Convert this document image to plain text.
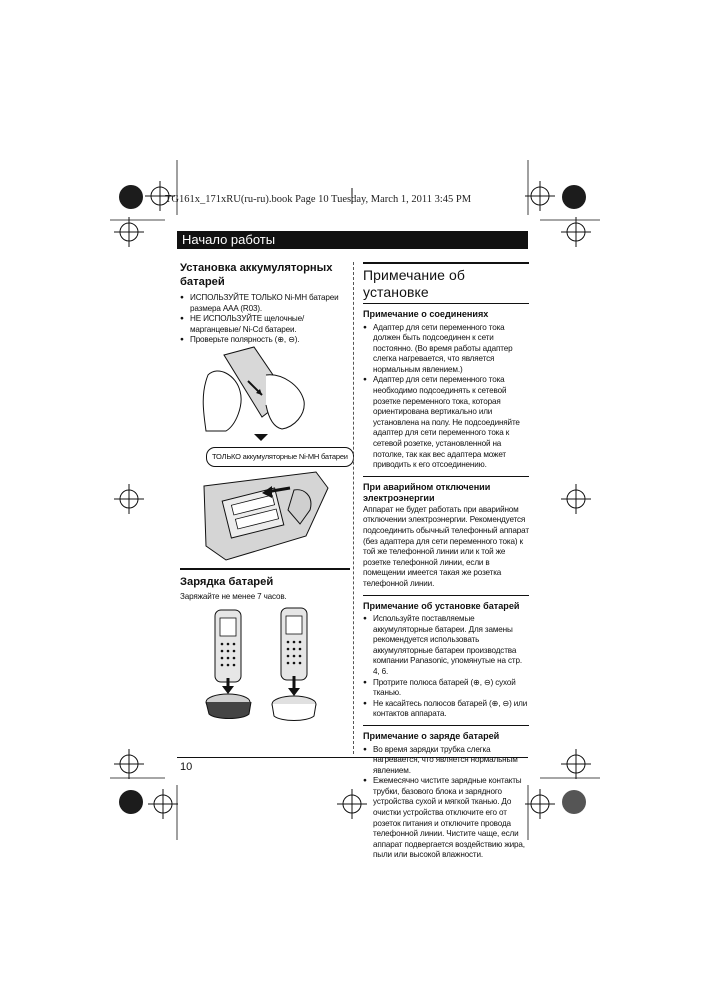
TG161x_171xRU(ru-ru).book Page 10 Tuesday, March 1, 2011 3:45 PM
Начало работы
Установка аккумуляторных батарей
● ИСПОЛЬЗУЙТЕ ТОЛЬКО Ni-MH батареи размера AAA (R03).
● НЕ ИСПОЛЬЗУЙТЕ щелочные/марганцевые/ Ni-Cd батареи.
● Проверьте полярность (⊕, ⊖).
ТОЛЬКО аккумуляторные Ni-MH батареи
Зарядка батарей

Заряжайте не менее 7 часов.

Примечание об установке
Примечание о соединениях
● Адаптер для сети переменного тока должен быть подсоединен к сети постоянно. (Во время работы адаптер слегка нагревается, что является нормальным явлением.)
● Адаптер для сети переменного тока необходимо подсоединять к сетевой розетке переменного тока, которая ориентирована вертикально или установлена на полу. Не подсоединяйте адаптер для сети переменного тока к сетевой розетке, установленной на потолке, так как вес адаптера может приводить к его отсоединению.
При аварийном отключении электроэнергии

Аппарат не будет работать при аварийном отключении электроэнергии. Рекомендуется подсоединить обычный телефонный аппарат (без адаптера для сети переменного тока) к той же телефонной линии или к той же розетке телефонной линии, если в помещении имеется такая же розетка телефонной линии.

Примечание об установке батарей
● Используйте поставляемые аккумуляторные батареи. Для замены рекомендуется использовать аккумуляторные батареи производства компании Panasonic, упомянутые на стр. 4, 6.
● Протрите полюса батарей (⊕, ⊖) сухой тканью.
● Не касайтесь полюсов батарей (⊕, ⊖) или контактов аппарата.
Примечание о заряде батарей
● Во время зарядки трубка слегка нагревается, что является нормальным явлением.
● Ежемесячно чистите зарядные контакты трубки, базового блока и зарядного устройства сухой и мягкой тканью. До очистки устройства отключите его от розеток питания и отключите провода телефонной линии. Чистите чаще, если аппарат подвергается воздействию жира, пыли или высокой влажности.
10
